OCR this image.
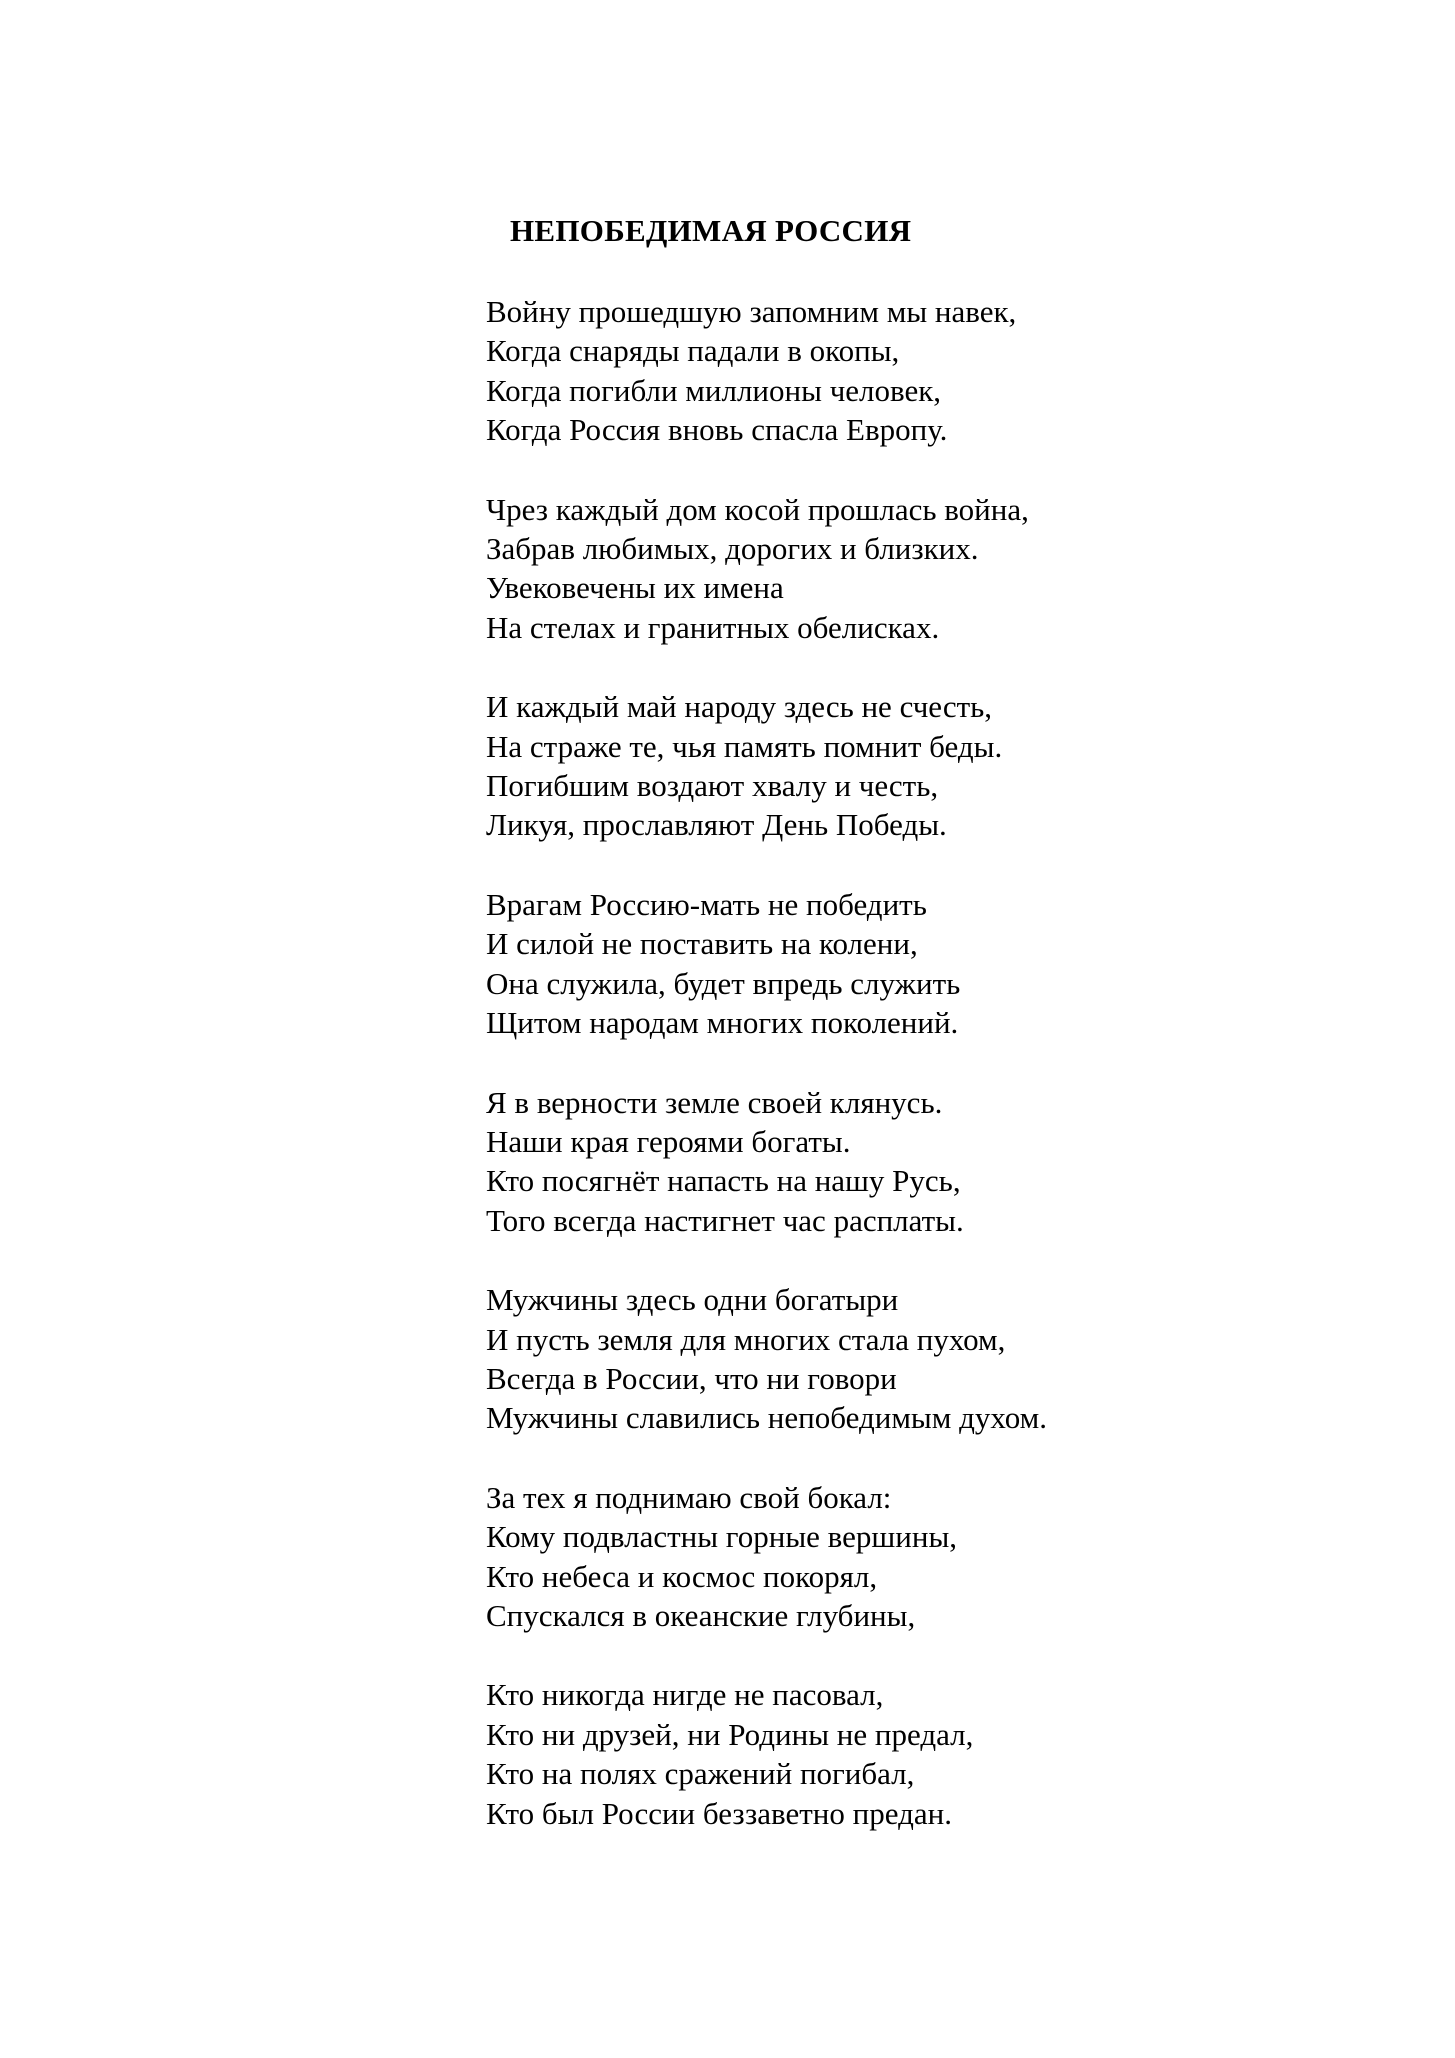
НЕПОБЕДИМАЯ РОССИЯ
Войну прошедшую запомним мы навек,
Когда снаряды падали в окопы,
Когда погибли миллионы человек,
Когда Россия вновь спасла Европу.
Чрез каждый дом косой прошлась война,
Забрав любимых, дорогих и близких.
Увековечены их имена
На стелах и гранитных обелисках.
И каждый май народу здесь не счесть,
На страже те, чья память помнит беды.
Погибшим воздают хвалу и честь,
Ликуя, прославляют День Победы.
Врагам Россию-мать не победить
И силой не поставить на колени,
Она служила, будет впредь служить
Щитом народам многих поколений.
Я в верности земле своей клянусь.
Наши края героями богаты.
Кто посягнёт напасть на нашу Русь,
Того всегда настигнет час расплаты.
Мужчины здесь одни богатыри
И пусть земля для многих стала пухом,
Всегда в России, что ни говори
Мужчины славились непобедимым духом.
За тех я поднимаю свой бокал:
Кому подвластны горные вершины,
Кто небеса и космос покорял,
Спускался в океанские глубины,
Кто никогда нигде не пасовал,
Кто ни друзей, ни Родины не предал,
Кто на полях сражений погибал,
Кто был России беззаветно предан.
